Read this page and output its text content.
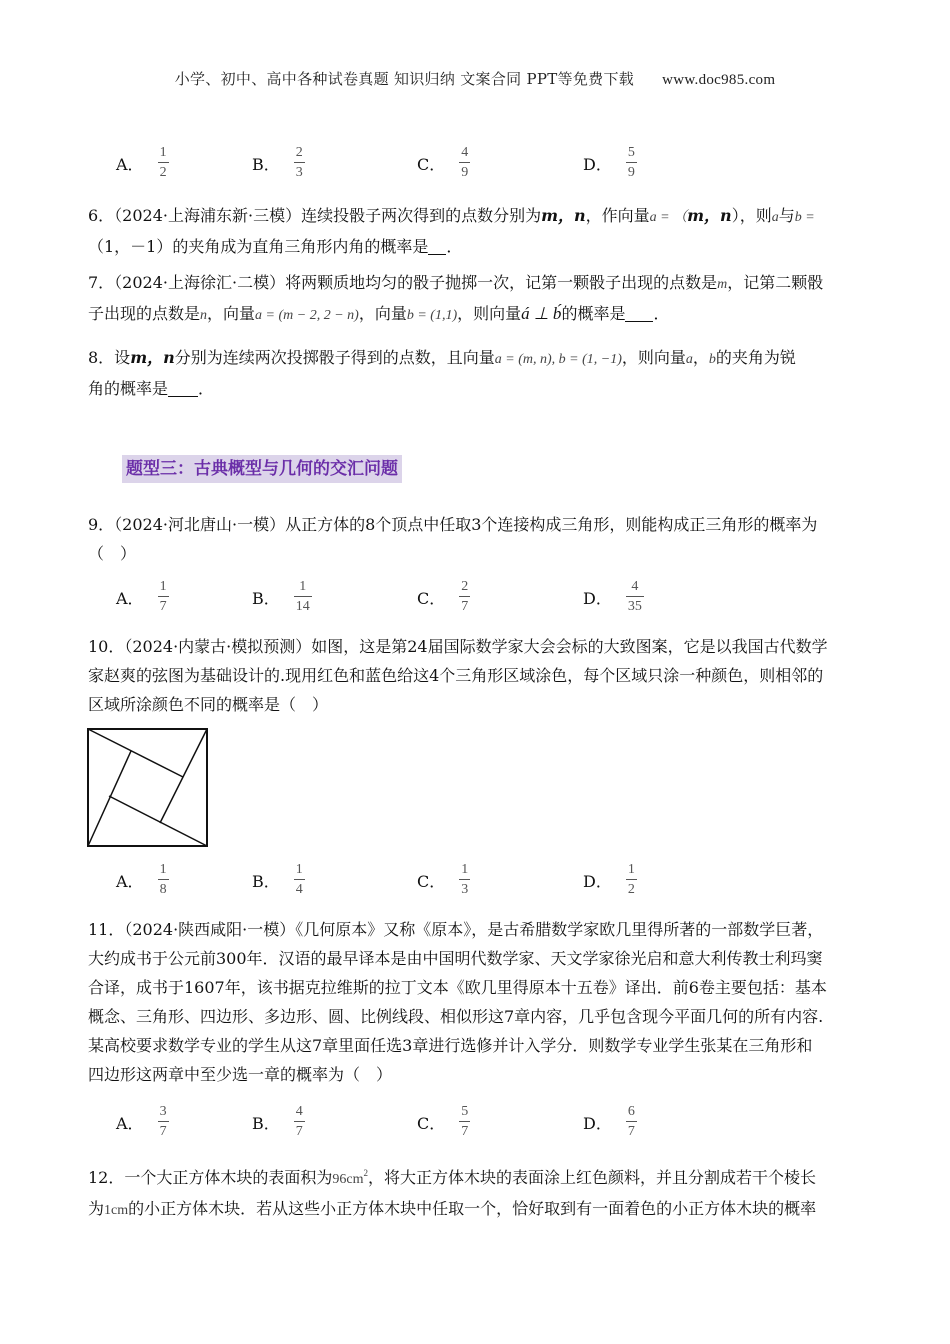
小学、初中、高中各种试卷真题 知识归纳 文案合同 PPT等免费下载 www.doc985.com
A． $\frac{1}{2}$	B． $\frac{2}{3}$	C． $\frac{4}{9}$	D． $\frac{5}{9}$
6．（2024·上海浦东新·三模）连续投骰子两次得到的点数分别为m，n，作向量a = （m，n），则a与b =
（1，－1）的夹角成为直角三角形内角的概率是 ．
7．（2024·上海徐汇·二模）将两颗质地均匀的骰子抛掷一次，记第一颗骰子出现的点数是m，记第二颗骰
子出现的点数是n，向量a = (m − 2, 2 − n)，向量b = (1,1)，则向量á ⊥ b́的概率是 ．
8．设m，n分别为连续两次投掷骰子得到的点数，且向量a = (m, n), b = (1, −1)，则向量a，b的夹角为锐
角的概率是 ．
题型三：古典概型与几何的交汇问题
9．（2024·河北唐山·一模）从正方体的8个顶点中任取3个连接构成三角形，则能构成正三角形的概率为
（　）
A． $\frac{1}{7}$	B． $\frac{1}{14}$	C． $\frac{2}{7}$	D． $\frac{4}{35}$
10．（2024·内蒙古·模拟预测）如图，这是第24届国际数学家大会会标的大致图案，它是以我国古代数学
家赵爽的弦图为基础设计的.现用红色和蓝色给这4个三角形区域涂色，每个区域只涂一种颜色，则相邻的
区域所涂颜色不同的概率是（　）
A． $\frac{1}{8}$	B． $\frac{1}{4}$	C． $\frac{1}{3}$	D． $\frac{1}{2}$
11．（2024·陕西咸阳·一模）《几何原本》又称《原本》，是古希腊数学家欧几里得所著的一部数学巨著，
大约成书于公元前300年．汉语的最早译本是由中国明代数学家、天文学家徐光启和意大利传教士利玛窦
合译，成书于1607年，该书据克拉维斯的拉丁文本《欧几里得原本十五卷》译出．前6卷主要包括：基本
概念、三角形、四边形、多边形、圆、比例线段、相似形这7章内容，几乎包含现今平面几何的所有内容.
某高校要求数学专业的学生从这7章里面任选3章进行选修并计入学分．则数学专业学生张某在三角形和
四边形这两章中至少选一章的概率为（　）
A． $\frac{3}{7}$	B． $\frac{4}{7}$	C． $\frac{5}{7}$	D． $\frac{6}{7}$
12．一个大正方体木块的表面积为$96cm^2$，将大正方体木块的表面涂上红色颜料，并且分割成若干个棱长
为1cm的小正方体木块．若从这些小正方体木块中任取一个，恰好取到有一面着色的小正方体木块的概率
